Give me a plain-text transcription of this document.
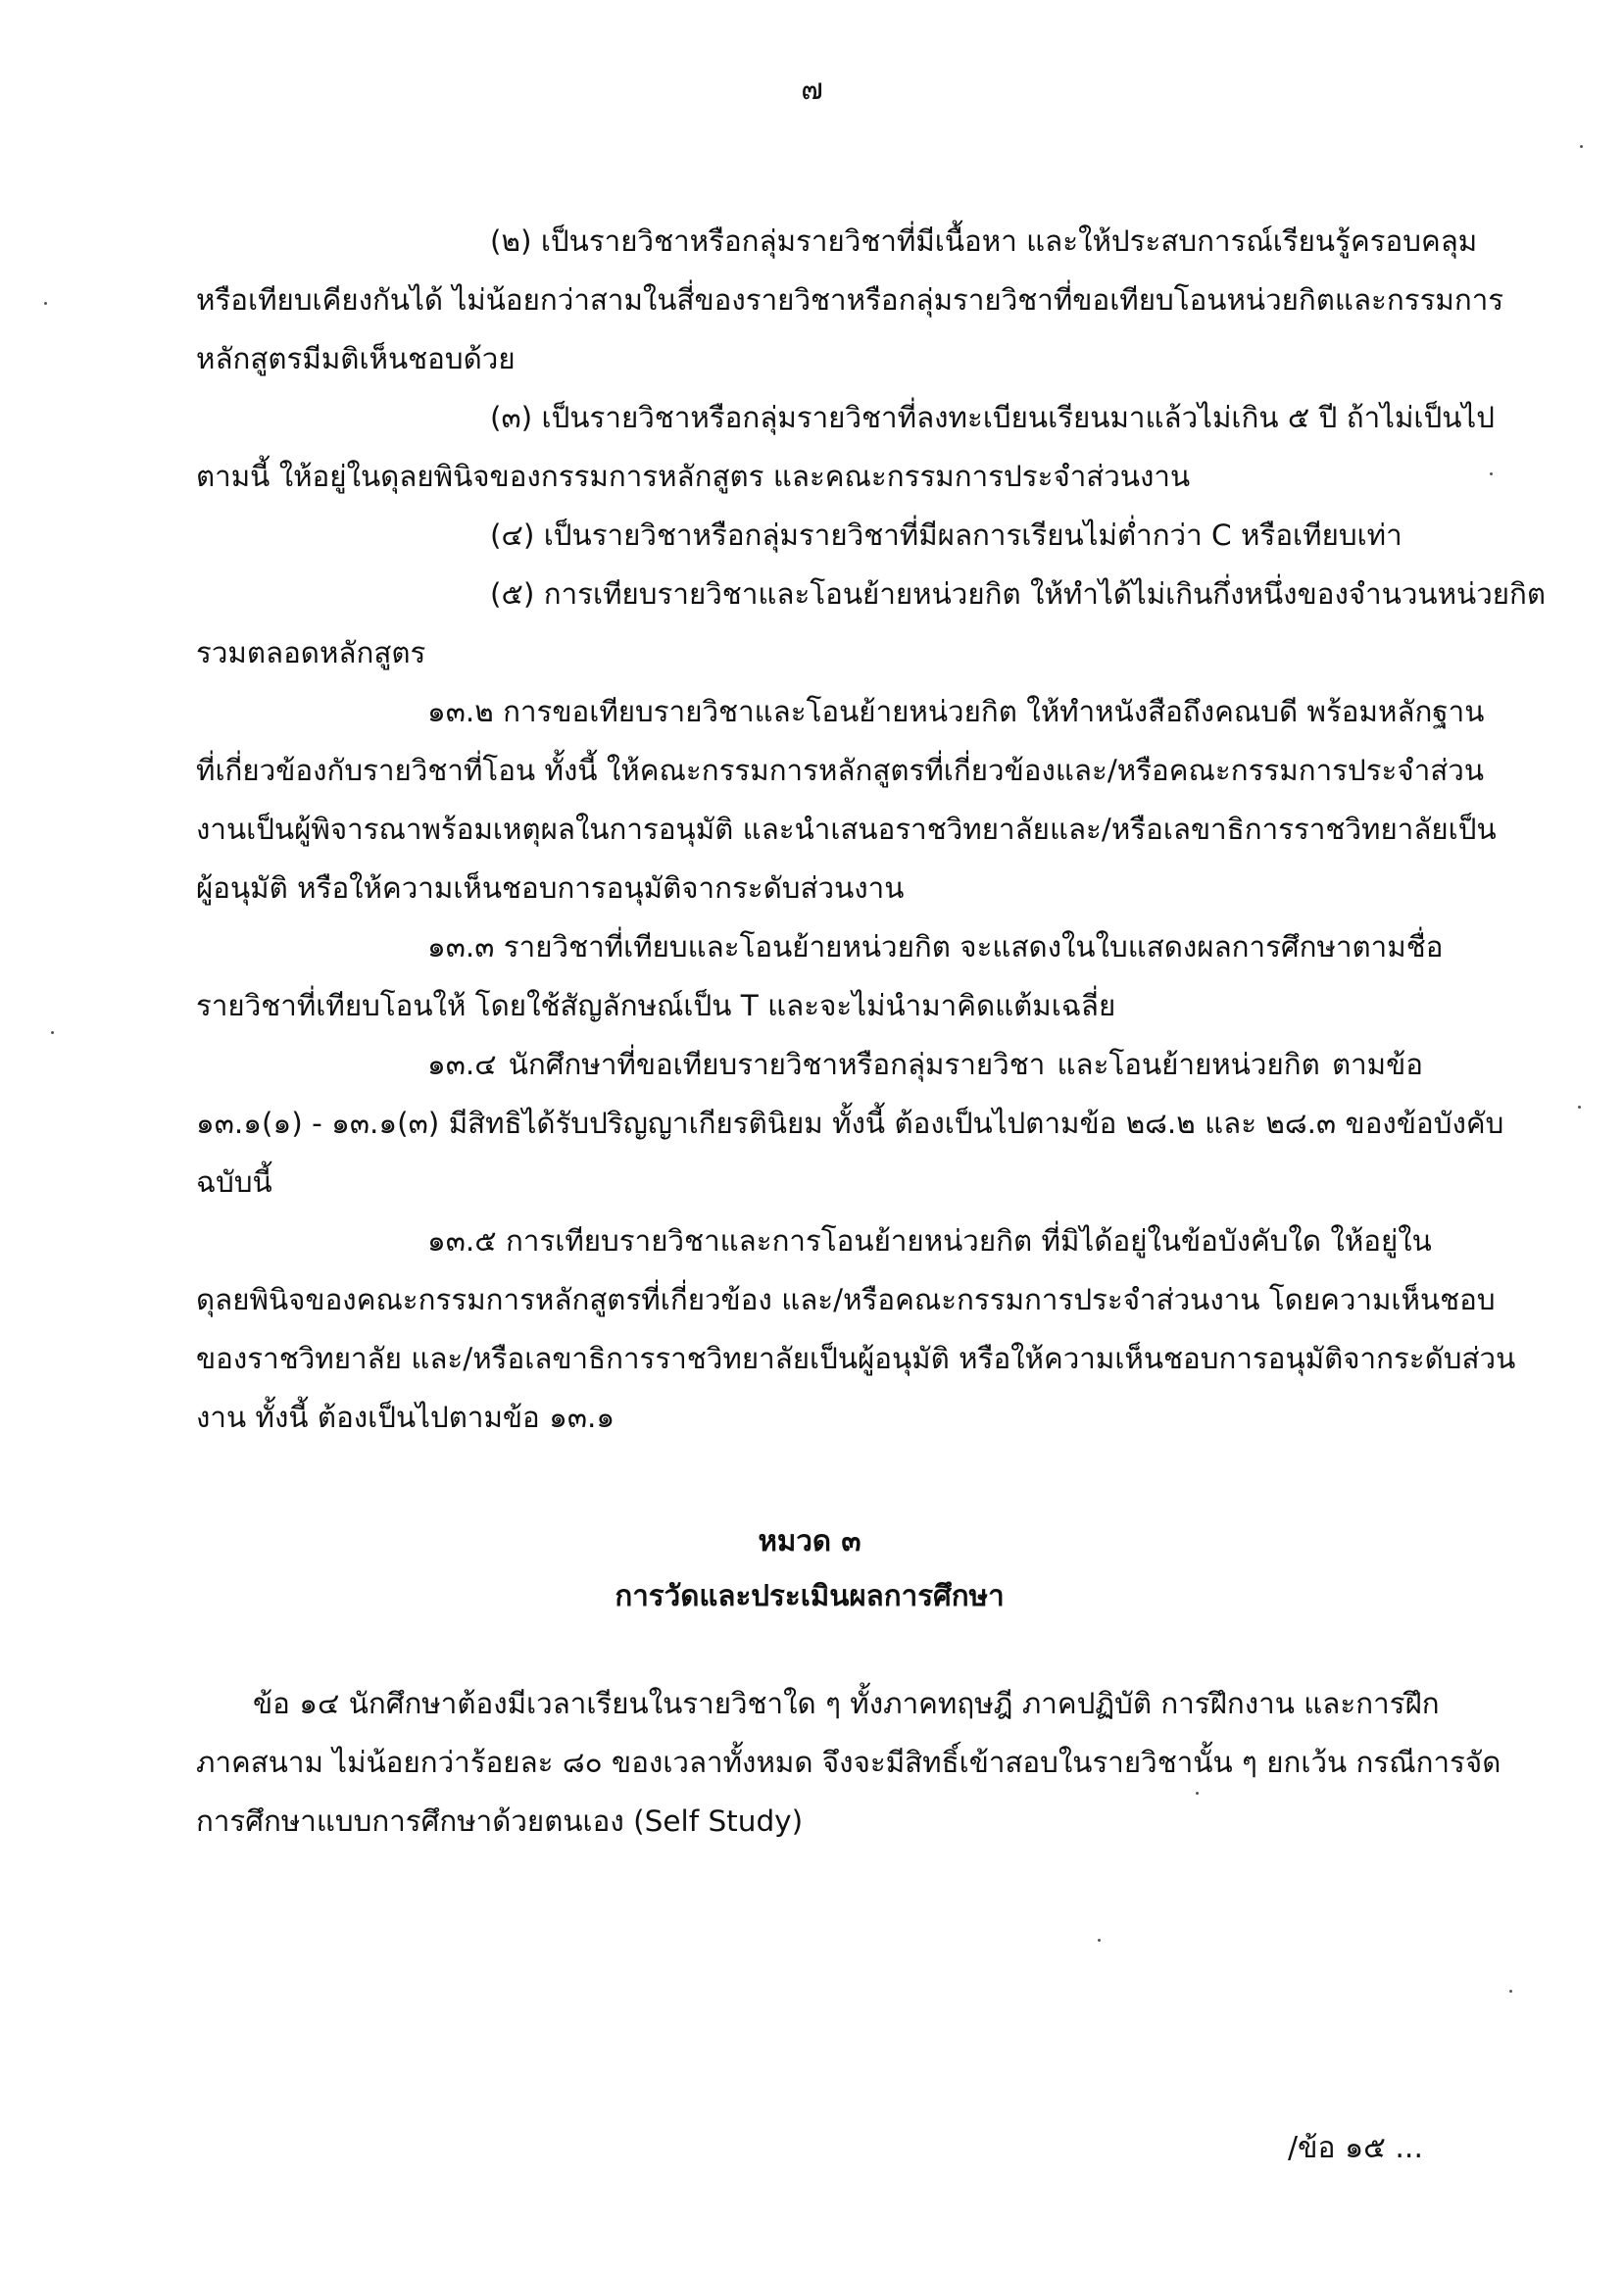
๗
(๒) เป็นรายวิชาหรือกลุ่มรายวิชาที่มีเนื้อหา และให้ประสบการณ์เรียนรู้ครอบคลุม
หรือเทียบเคียงกันได้ ไม่น้อยกว่าสามในสี่ของรายวิชาหรือกลุ่มรายวิชาที่ขอเทียบโอนหน่วยกิตและกรรมการ
หลักสูตรมีมติเห็นชอบด้วย
(๓) เป็นรายวิชาหรือกลุ่มรายวิชาที่ลงทะเบียนเรียนมาแล้วไม่เกิน ๕ ปี ถ้าไม่เป็นไป
ตามนี้ ให้อยู่ในดุลยพินิจของกรรมการหลักสูตร และคณะกรรมการประจำส่วนงาน
(๔) เป็นรายวิชาหรือกลุ่มรายวิชาที่มีผลการเรียนไม่ต่ำกว่า C หรือเทียบเท่า
(๕) การเทียบรายวิชาและโอนย้ายหน่วยกิต ให้ทำได้ไม่เกินกึ่งหนึ่งของจำนวนหน่วยกิต
รวมตลอดหลักสูตร
๑๓.๒ การขอเทียบรายวิชาและโอนย้ายหน่วยกิต ให้ทำหนังสือถึงคณบดี พร้อมหลักฐาน
ที่เกี่ยวข้องกับรายวิชาที่โอน ทั้งนี้ ให้คณะกรรมการหลักสูตรที่เกี่ยวข้องและ/หรือคณะกรรมการประจำส่วน
งานเป็นผู้พิจารณาพร้อมเหตุผลในการอนุมัติ และนำเสนอราชวิทยาลัยและ/หรือเลขาธิการราชวิทยาลัยเป็น
ผู้อนุมัติ หรือให้ความเห็นชอบการอนุมัติจากระดับส่วนงาน
๑๓.๓ รายวิชาที่เทียบและโอนย้ายหน่วยกิต จะแสดงในใบแสดงผลการศึกษาตามชื่อ
รายวิชาที่เทียบโอนให้ โดยใช้สัญลักษณ์เป็น T และจะไม่นำมาคิดแต้มเฉลี่ย
๑๓.๔ นักศึกษาที่ขอเทียบรายวิชาหรือกลุ่มรายวิชา และโอนย้ายหน่วยกิต ตามข้อ
๑๓.๑(๑) - ๑๓.๑(๓) มีสิทธิได้รับปริญญาเกียรตินิยม ทั้งนี้ ต้องเป็นไปตามข้อ ๒๘.๒ และ ๒๘.๓ ของข้อบังคับ
ฉบับนี้
๑๓.๕ การเทียบรายวิชาและการโอนย้ายหน่วยกิต ที่มิได้อยู่ในข้อบังคับใด ให้อยู่ใน
ดุลยพินิจของคณะกรรมการหลักสูตรที่เกี่ยวข้อง และ/หรือคณะกรรมการประจำส่วนงาน โดยความเห็นชอบ
ของราชวิทยาลัย และ/หรือเลขาธิการราชวิทยาลัยเป็นผู้อนุมัติ หรือให้ความเห็นชอบการอนุมัติจากระดับส่วน
งาน ทั้งนี้ ต้องเป็นไปตามข้อ ๑๓.๑
หมวด ๓
การวัดและประเมินผลการศึกษา
ข้อ ๑๔ นักศึกษาต้องมีเวลาเรียนในรายวิชาใด ๆ ทั้งภาคทฤษฎี ภาคปฏิบัติ การฝึกงาน และการฝึก
ภาคสนาม ไม่น้อยกว่าร้อยละ ๘๐ ของเวลาทั้งหมด จึงจะมีสิทธิ์เข้าสอบในรายวิชานั้น ๆ ยกเว้น กรณีการจัด
การศึกษาแบบการศึกษาด้วยตนเอง (Self Study)
/ข้อ ๑๕ ...
